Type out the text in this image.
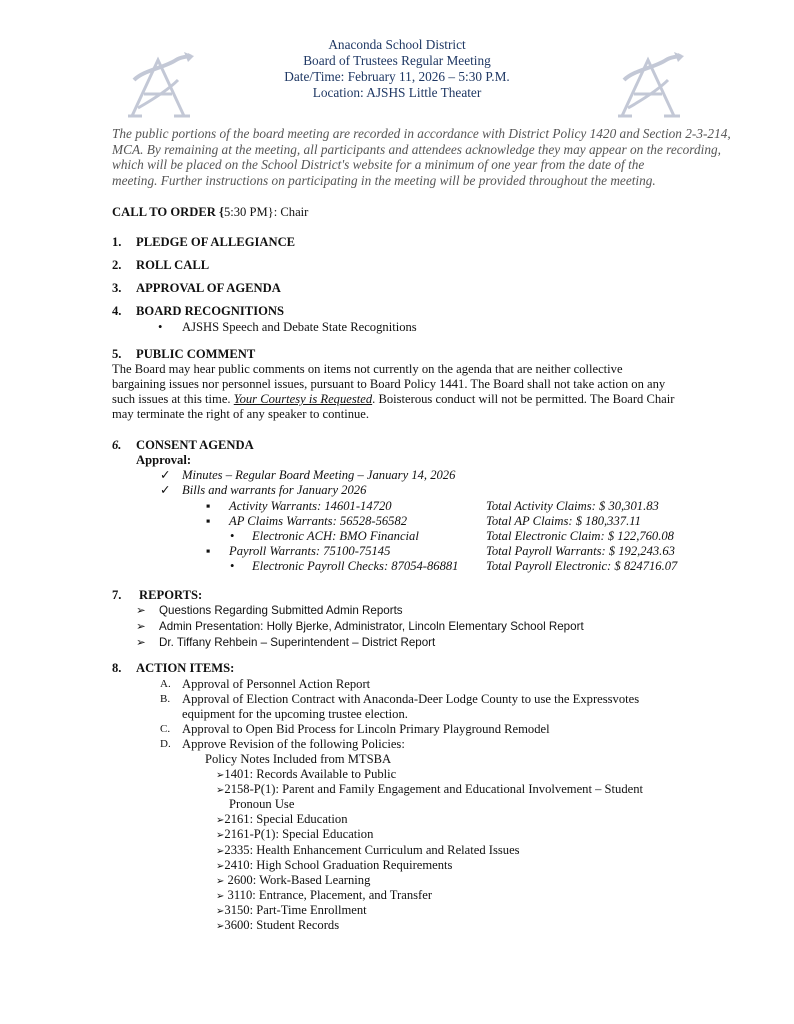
Anaconda School District
Board of Trustees Regular Meeting
Date/Time: February 11, 2026 – 5:30 P.M.
Location: AJSHS Little Theater
The public portions of the board meeting are recorded in accordance with District Policy 1420 and Section 2-3-214,
MCA. By remaining at the meeting, all participants and attendees acknowledge they may appear on the recording,
which will be placed on the School District's website for a minimum of one year from the date of the
meeting. Further instructions on participating in the meeting will be provided throughout the meeting.
CALL TO ORDER {5:30 PM}: Chair
1. PLEDGE OF ALLEGIANCE
2. ROLL CALL
3. APPROVAL OF AGENDA
4. BOARD RECOGNITIONS
• AJSHS Speech and Debate State Recognitions
5. PUBLIC COMMENT
The Board may hear public comments on items not currently on the agenda that are neither collective
bargaining issues nor personnel issues, pursuant to Board Policy 1441. The Board shall not take action on any
such issues at this time. Your Courtesy is Requested. Boisterous conduct will not be permitted. The Board Chair
may terminate the right of any speaker to continue.
6. CONSENT AGENDA
Approval:
✓ Minutes – Regular Board Meeting – January 14, 2026
✓ Bills and warrants for January 2026
▪ Activity Warrants: 14601-14720	Total Activity Claims: $ 30,301.83
▪ AP Claims Warrants: 56528-56582	Total AP Claims: $ 180,337.11
• Electronic ACH: BMO Financial	Total Electronic Claim: $ 122,760.08
▪ Payroll Warrants: 75100-75145	Total Payroll Warrants: $ 192,243.63
• Electronic Payroll Checks: 87054-86881 Total Payroll Electronic: $ 824716.07
7. REPORTS:
➢ Questions Regarding Submitted Admin Reports
➢ Admin Presentation: Holly Bjerke, Administrator, Lincoln Elementary School Report
➢ Dr. Tiffany Rehbein – Superintendent – District Report
8. ACTION ITEMS:
A. Approval of Personnel Action Report
B. Approval of Election Contract with Anaconda-Deer Lodge County to use the Expressvotes
equipment for the upcoming trustee election.
C. Approval to Open Bid Process for Lincoln Primary Playground Remodel
D. Approve Revision of the following Policies:
Policy Notes Included from MTSBA
➢1401: Records Available to Public
➢2158-P(1): Parent and Family Engagement and Educational Involvement – Student
Pronoun Use
➢2161: Special Education
➢2161-P(1): Special Education
➢2335: Health Enhancement Curriculum and Related Issues
➢2410: High School Graduation Requirements
➢ 2600: Work-Based Learning
➢ 3110: Entrance, Placement, and Transfer
➢3150: Part-Time Enrollment
➢3600: Student Records
